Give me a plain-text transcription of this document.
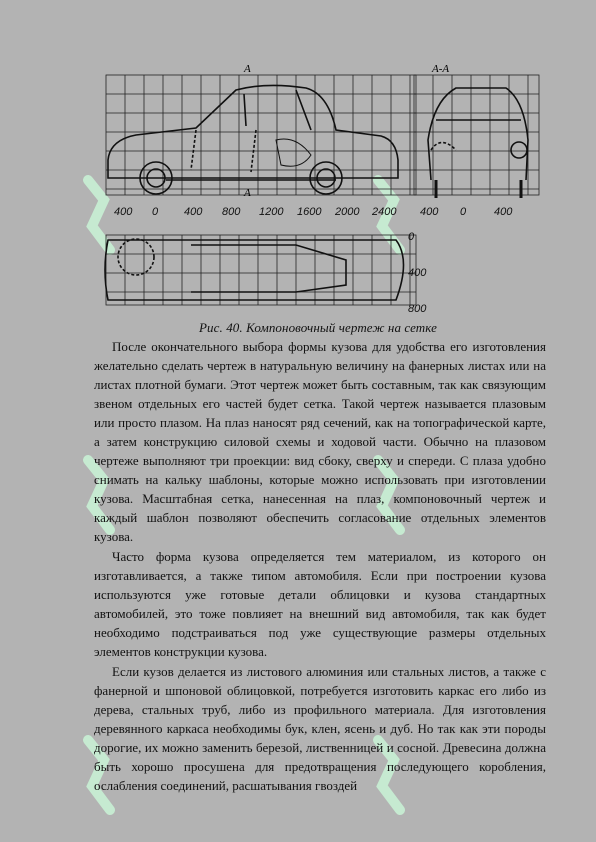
A
A
А-А
400 0 400 800 1200 1600 2000 2400 400 0	400
0
400
800
Рис. 40. Компоновочный чертеж на сетке

После окончательного выбора формы кузова для удобства его изготовления желательно сделать чертеж в натуральную величину на фанерных листах или на листах плотной бумаги. Этот чертеж может быть составным, так как связующим звеном отдельных его частей будет сетка. Такой чертеж называется плазовым или просто плазом. На плаз наносят ряд сечений, как на топографической карте, а затем конструкцию силовой схемы и ходовой части. Обычно на плазовом чертеже выполняют три проекции: вид сбоку, сверху и спереди. С плаза удобно снимать на кальку шаблоны, которые можно использовать при изготовлении кузова. Масштабная сетка, нанесенная на плаз, компоновочный чертеж и каждый шаблон позволяют обеспечить согласование отдельных элементов кузова.

Часто форма кузова определяется тем материалом, из которого он изготавливается, а также типом автомобиля. Если при построении кузова используются уже готовые детали облицовки и кузова стандартных автомобилей, это тоже повлияет на внешний вид автомобиля, так как будет необходимо подстраиваться под уже существующие размеры отдельных элементов конструкции кузова.

Если кузов делается из листового алюминия или стальных листов, а также с фанерной и шпоновой облицовкой, потребуется изготовить каркас его либо из дерева, стальных труб, либо из профильного материала. Для изготовления деревянного каркаса необходимы бук, клен, ясень и дуб. Но так как эти породы дорогие, их можно заменить березой, лиственницей и сосной. Древесина должна быть хорошо просушена для предотвращения последующего коробления, ослабления соединений, расшатывания гвоздей
